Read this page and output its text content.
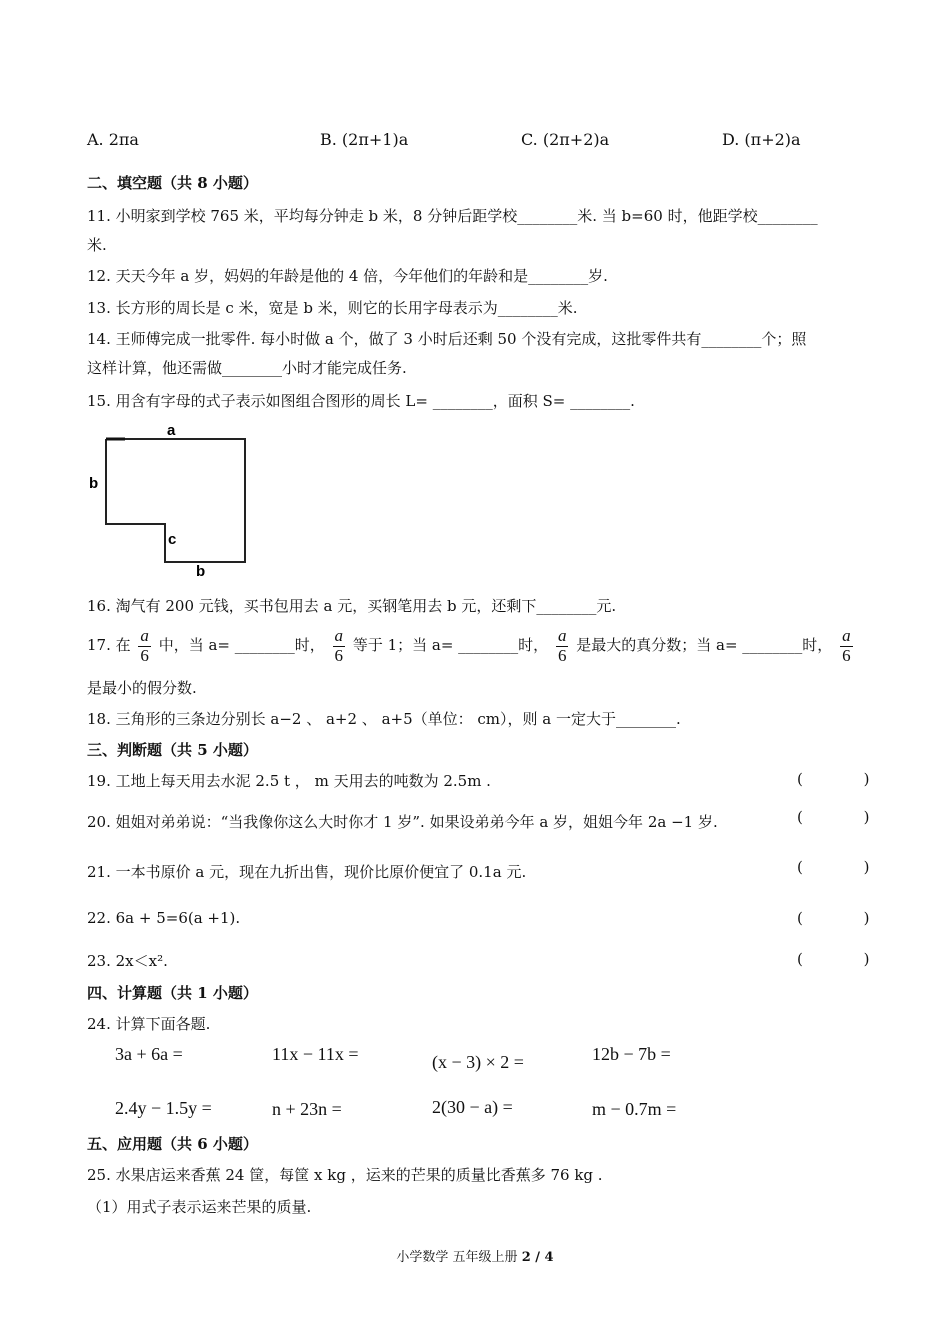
A. 2πa	B. (2π+1)a	C. (2π+2)a	D. (π+2)a
二、填空题（共 8 小题）
11. 小明家到学校 765 米，平均每分钟走 b 米，8 分钟后距学校________米. 当 b=60 时，他距学校________
米.
12. 天天今年 a 岁，妈妈的年龄是他的 4 倍，今年他们的年龄和是________岁.
13. 长方形的周长是 c 米，宽是 b 米，则它的长用字母表示为________米.
14. 王师傅完成一批零件. 每小时做 a 个，做了 3 小时后还剩 50 个没有完成，这批零件共有________个；照
这样计算，他还需做________小时才能完成任务.
15. 用含有字母的式子表示如图组合图形的周长 L= ________，面积 S= ________.
a
b
c
b
16. 淘气有 200 元钱，买书包用去 a 元，买钢笔用去 b 元，还剩下________元.
17. 在 $\frac{a}{6}$ 中，当 a= ________时， $\frac{a}{6}$ 等于 1；当 a= ________时， $\frac{a}{6}$ 是最大的真分数；当 a= ________时， $\frac{a}{6}$
是最小的假分数.
18. 三角形的三条边分别长 a−2 、 a+2 、 a+5（单位： cm），则 a 一定大于________.
三、判断题（共 5 小题）
19. 工地上每天用去水泥 2.5 t ， m 天用去的吨数为 2.5m .	( )
20. 姐姐对弟弟说：“当我像你这么大时你才 1 岁”. 如果设弟弟今年 a 岁，姐姐今年 2a −1 岁.	( )
21. 一本书原价 a 元，现在九折出售，现价比原价便宜了 0.1a 元.	( )
22. 6a + 5=6(a +1).	( )
23. 2x＜x².	( )
四、计算题（共 1 小题）
24. 计算下面各题.
3a + 6a =	11x − 11x =	(x − 3) × 2 =	12b − 7b =
2.4y − 1.5y =	n + 23n =	2(30 − a) =	m − 0.7m =
五、应用题（共 6 小题）
25. 水果店运来香蕉 24 筐，每筐 x kg ，运来的芒果的质量比香蕉多 76 kg .
（1）用式子表示运来芒果的质量.
小学数学 五年级上册 2 / 4
